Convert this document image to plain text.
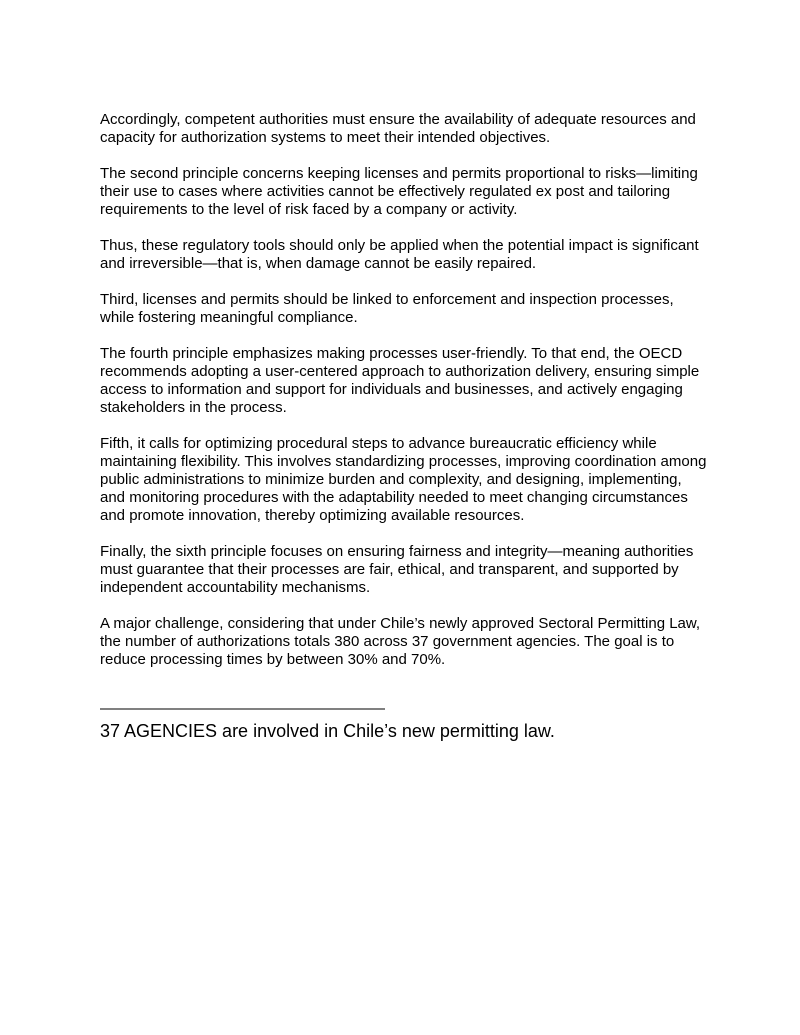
Accordingly, competent authorities must ensure the availability of adequate resources and capacity for authorization systems to meet their intended objectives.

The second principle concerns keeping licenses and permits proportional to risks—limiting their use to cases where activities cannot be effectively regulated ex post and tailoring requirements to the level of risk faced by a company or activity.

Thus, these regulatory tools should only be applied when the potential impact is significant and irreversible—that is, when damage cannot be easily repaired.

Third, licenses and permits should be linked to enforcement and inspection processes, while fostering meaningful compliance.

The fourth principle emphasizes making processes user-friendly. To that end, the OECD recommends adopting a user-centered approach to authorization delivery, ensuring simple access to information and support for individuals and businesses, and actively engaging stakeholders in the process.

Fifth, it calls for optimizing procedural steps to advance bureaucratic efficiency while maintaining flexibility. This involves standardizing processes, improving coordination among public administrations to minimize burden and complexity, and designing, implementing, and monitoring procedures with the adaptability needed to meet changing circumstances and promote innovation, thereby optimizing available resources.

Finally, the sixth principle focuses on ensuring fairness and integrity—meaning authorities must guarantee that their processes are fair, ethical, and transparent, and supported by independent accountability mechanisms.

A major challenge, considering that under Chile’s newly approved Sectoral Permitting Law, the number of authorizations totals 380 across 37 government agencies. The goal is to reduce processing times by between 30% and 70%.

———————————————————
37 AGENCIES are involved in Chile’s new permitting law.
